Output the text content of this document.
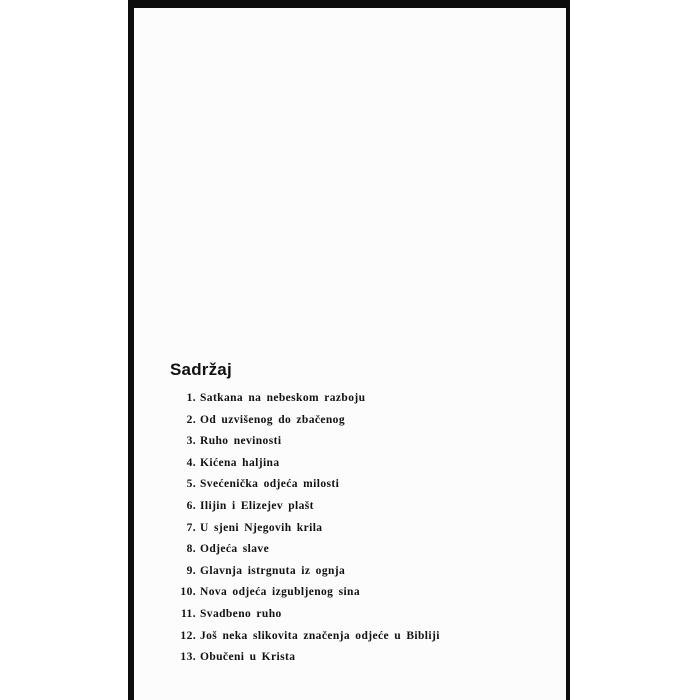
Sadržaj
1. Satkana na nebeskom razboju
2. Od uzvišenog do zbačenog
3. Ruho nevinosti
4. Kićena haljina
5. Svećenička odjeća milosti
6. Ilijin i Elizejev plašt
7. U sjeni Njegovih krila
8. Odjeća slave
9. Glavnja istrgnuta iz ognja
10. Nova odjeća izgubljenog sina
11. Svadbeno ruho
12. Još neka slikovita značenja odjeće u Bibliji
13. Obučeni u Krista
